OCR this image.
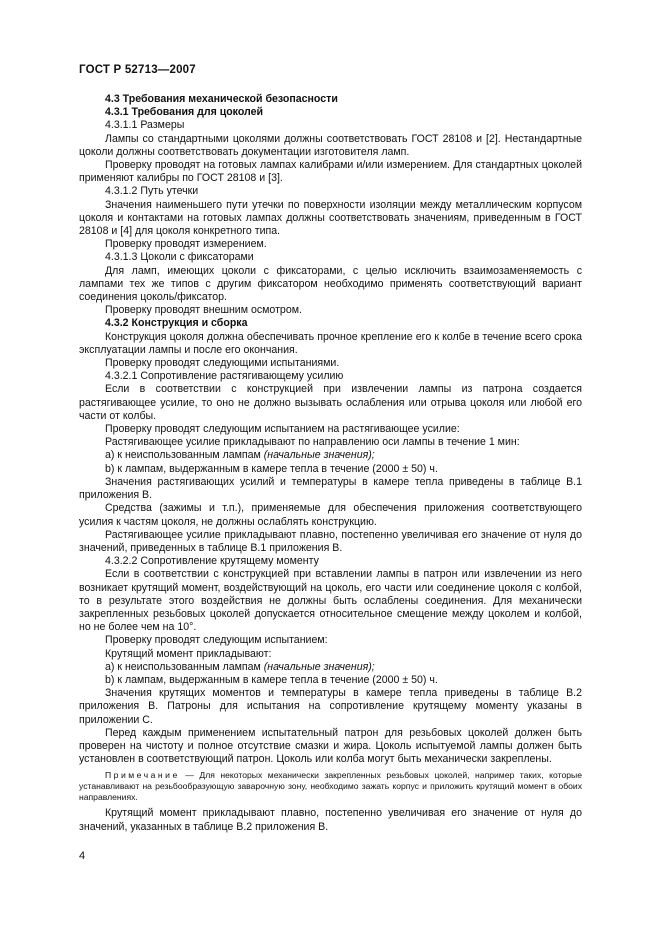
ГОСТ Р 52713—2007

4.3 Требования механической безопасности

4.3.1 Требования для цоколей

4.3.1.1 Размеры

Лампы со стандартными цоколями должны соответствовать ГОСТ 28108 и [2]. Нестандартные цоколи должны соответствовать документации изготовителя ламп.

Проверку проводят на готовых лампах калибрами и/или измерением. Для стандартных цоколей применяют калибры по ГОСТ 28108 и [3].

4.3.1.2 Путь утечки

Значения наименьшего пути утечки по поверхности изоляции между металлическим корпусом цоколя и контактами на готовых лампах должны соответствовать значениям, приведенным в ГОСТ 28108 и [4] для цоколя конкретного типа.

Проверку проводят измерением.

4.3.1.3 Цоколи с фиксаторами

Для ламп, имеющих цоколи с фиксаторами, с целью исключить взаимозаменяемость с лампами тех же типов с другим фиксатором необходимо применять соответствующий вариант соединения цоколь/фиксатор.

Проверку проводят внешним осмотром.

4.3.2 Конструкция и сборка

Конструкция цоколя должна обеспечивать прочное крепление его к колбе в течение всего срока эксплуатации лампы и после его окончания.

Проверку проводят следующими испытаниями.

4.3.2.1 Сопротивление растягивающему усилию

Если в соответствии с конструкцией при извлечении лампы из патрона создается растягивающее усилие, то оно не должно вызывать ослабления или отрыва цоколя или любой его части от колбы.

Проверку проводят следующим испытанием на растягивающее усилие:

Растягивающее усилие прикладывают по направлению оси лампы в течение 1 мин:

a) к неиспользованным лампам (начальные значения);

b) к лампам, выдержанным в камере тепла в течение (2000 ± 50) ч.

Значения растягивающих усилий и температуры в камере тепла приведены в таблице В.1 приложения В.

Средства (зажимы и т.п.), применяемые для обеспечения приложения соответствующего усилия к частям цоколя, не должны ослаблять конструкцию.

Растягивающее усилие прикладывают плавно, постепенно увеличивая его значение от нуля до значений, приведенных в таблице В.1 приложения В.

4.3.2.2 Сопротивление крутящему моменту

Если в соответствии с конструкцией при вставлении лампы в патрон или извлечении из него возникает крутящий момент, воздействующий на цоколь, его части или соединение цоколя с колбой, то в результате этого воздействия не должны быть ослаблены соединения. Для механически закрепленных резьбовых цоколей допускается относительное смещение между цоколем и колбой, но не более чем на 10°.

Проверку проводят следующим испытанием:

Крутящий момент прикладывают:

a) к неиспользованным лампам (начальные значения);

b) к лампам, выдержанным в камере тепла в течение (2000 ± 50) ч.

Значения крутящих моментов и температуры в камере тепла приведены в таблице В.2 приложения В. Патроны для испытания на сопротивление крутящему моменту указаны в приложении С.

Перед каждым применением испытательный патрон для резьбовых цоколей должен быть проверен на чистоту и полное отсутствие смазки и жира. Цоколь испытуемой лампы должен быть установлен в соответствующий патрон. Цоколь или колба могут быть механически закреплены.

Примечание — Для некоторых механически закрепленных резьбовых цоколей, например таких, которые устанавливают на резьбообразующую заварочную зону, необходимо зажать корпус и приложить крутящий момент в обоих направлениях.

Крутящий момент прикладывают плавно, постепенно увеличивая его значение от нуля до значений, указанных в таблице В.2 приложения В.

4
